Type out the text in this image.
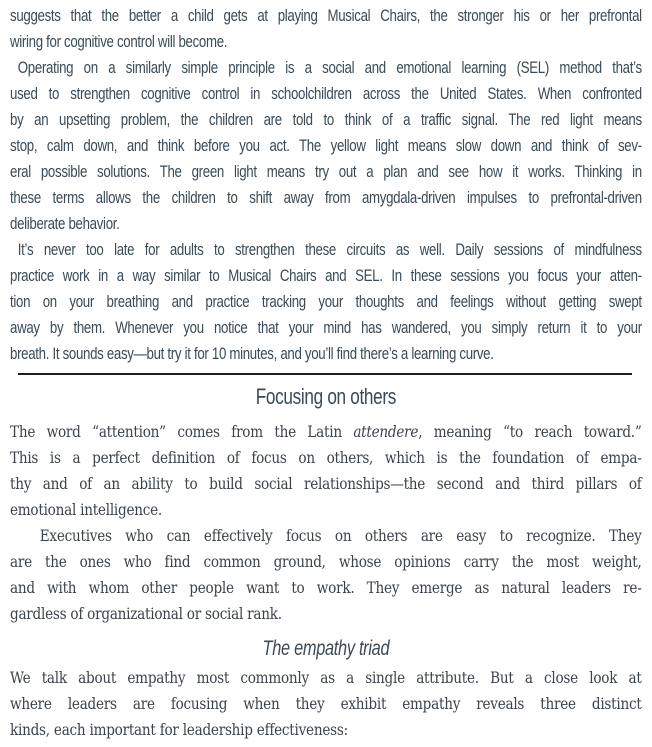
suggests that the better a child gets at playing Musical Chairs, the stronger his or her prefrontal
wiring for cognitive control will become.
Operating on a similarly simple principle is a social and emotional learning (SEL) method that’s
used to strengthen cognitive control in schoolchildren across the United States. When confronted
by an upsetting problem, the children are told to think of a traffic signal. The red light means
stop, calm down, and think before you act. The yellow light means slow down and think of sev-
eral possible solutions. The green light means try out a plan and see how it works. Thinking in
these terms allows the children to shift away from amygdala-driven impulses to prefrontal-driven
deliberate behavior.
It’s never too late for adults to strengthen these circuits as well. Daily sessions of mindfulness
practice work in a way similar to Musical Chairs and SEL. In these sessions you focus your atten-
tion on your breathing and practice tracking your thoughts and feelings without getting swept
away by them. Whenever you notice that your mind has wandered, you simply return it to your
breath. It sounds easy—but try it for 10 minutes, and you’ll find there’s a learning curve.
Focusing on others
The word “attention” comes from the Latin attendere, meaning “to reach toward.”
This is a perfect definition of focus on others, which is the foundation of empa-
thy and of an ability to build social relationships—the second and third pillars of
emotional intelligence.
Executives who can effectively focus on others are easy to recognize. They
are the ones who find common ground, whose opinions carry the most weight,
and with whom other people want to work. They emerge as natural leaders re-
gardless of organizational or social rank.
The empathy triad
We talk about empathy most commonly as a single attribute. But a close look at
where leaders are focusing when they exhibit empathy reveals three distinct
kinds, each important for leadership effectiveness:
